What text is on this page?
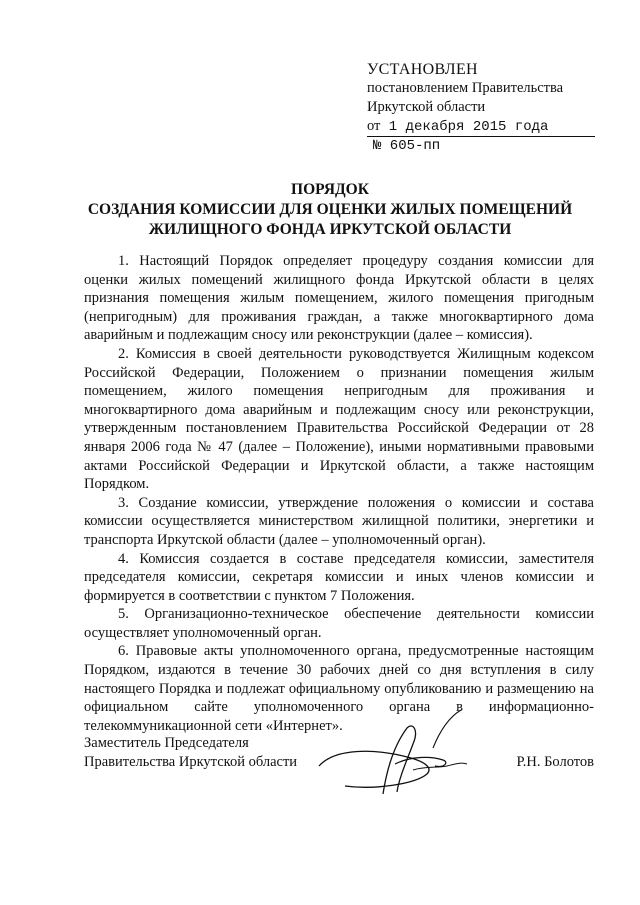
УСТАНОВЛЕН
постановлением Правительства
Иркутской области
от 1 декабря 2015 года
№ 605-пп
ПОРЯДОК
СОЗДАНИЯ КОМИССИИ ДЛЯ ОЦЕНКИ ЖИЛЫХ ПОМЕЩЕНИЙ
ЖИЛИЩНОГО ФОНДА ИРКУТСКОЙ ОБЛАСТИ

1. Настоящий Порядок определяет процедуру создания комиссии для оценки жилых помещений жилищного фонда Иркутской области в целях признания помещения жилым помещением, жилого помещения пригодным (непригодным) для проживания граждан, а также многоквартирного дома аварийным и подлежащим сносу или реконструкции (далее – комиссия).

2. Комиссия в своей деятельности руководствуется Жилищным кодексом Российской Федерации, Положением о признании помещения жилым помещением, жилого помещения непригодным для проживания и многоквартирного дома аварийным и подлежащим сносу или реконструкции, утвержденным постановлением Правительства Российской Федерации от 28 января 2006 года № 47 (далее – Положение), иными нормативными правовыми актами Российской Федерации и Иркутской области, а также настоящим Порядком.

3. Создание комиссии, утверждение положения о комиссии и состава комиссии осуществляется министерством жилищной политики, энергетики и транспорта Иркутской области (далее – уполномоченный орган).

4. Комиссия создается в составе председателя комиссии, заместителя председателя комиссии, секретаря комиссии и иных членов комиссии и формируется в соответствии с пунктом 7 Положения.

5. Организационно-техническое обеспечение деятельности комиссии осуществляет уполномоченный орган.

6. Правовые акты уполномоченного органа, предусмотренные настоящим Порядком, издаются в течение 30 рабочих дней со дня вступления в силу настоящего Порядка и подлежат официальному опубликованию и размещению на официальном сайте уполномоченного органа в информационно-телекоммуникационной сети «Интернет».

Заместитель Председателя
Правительства Иркутской области	Р.Н. Болотов
